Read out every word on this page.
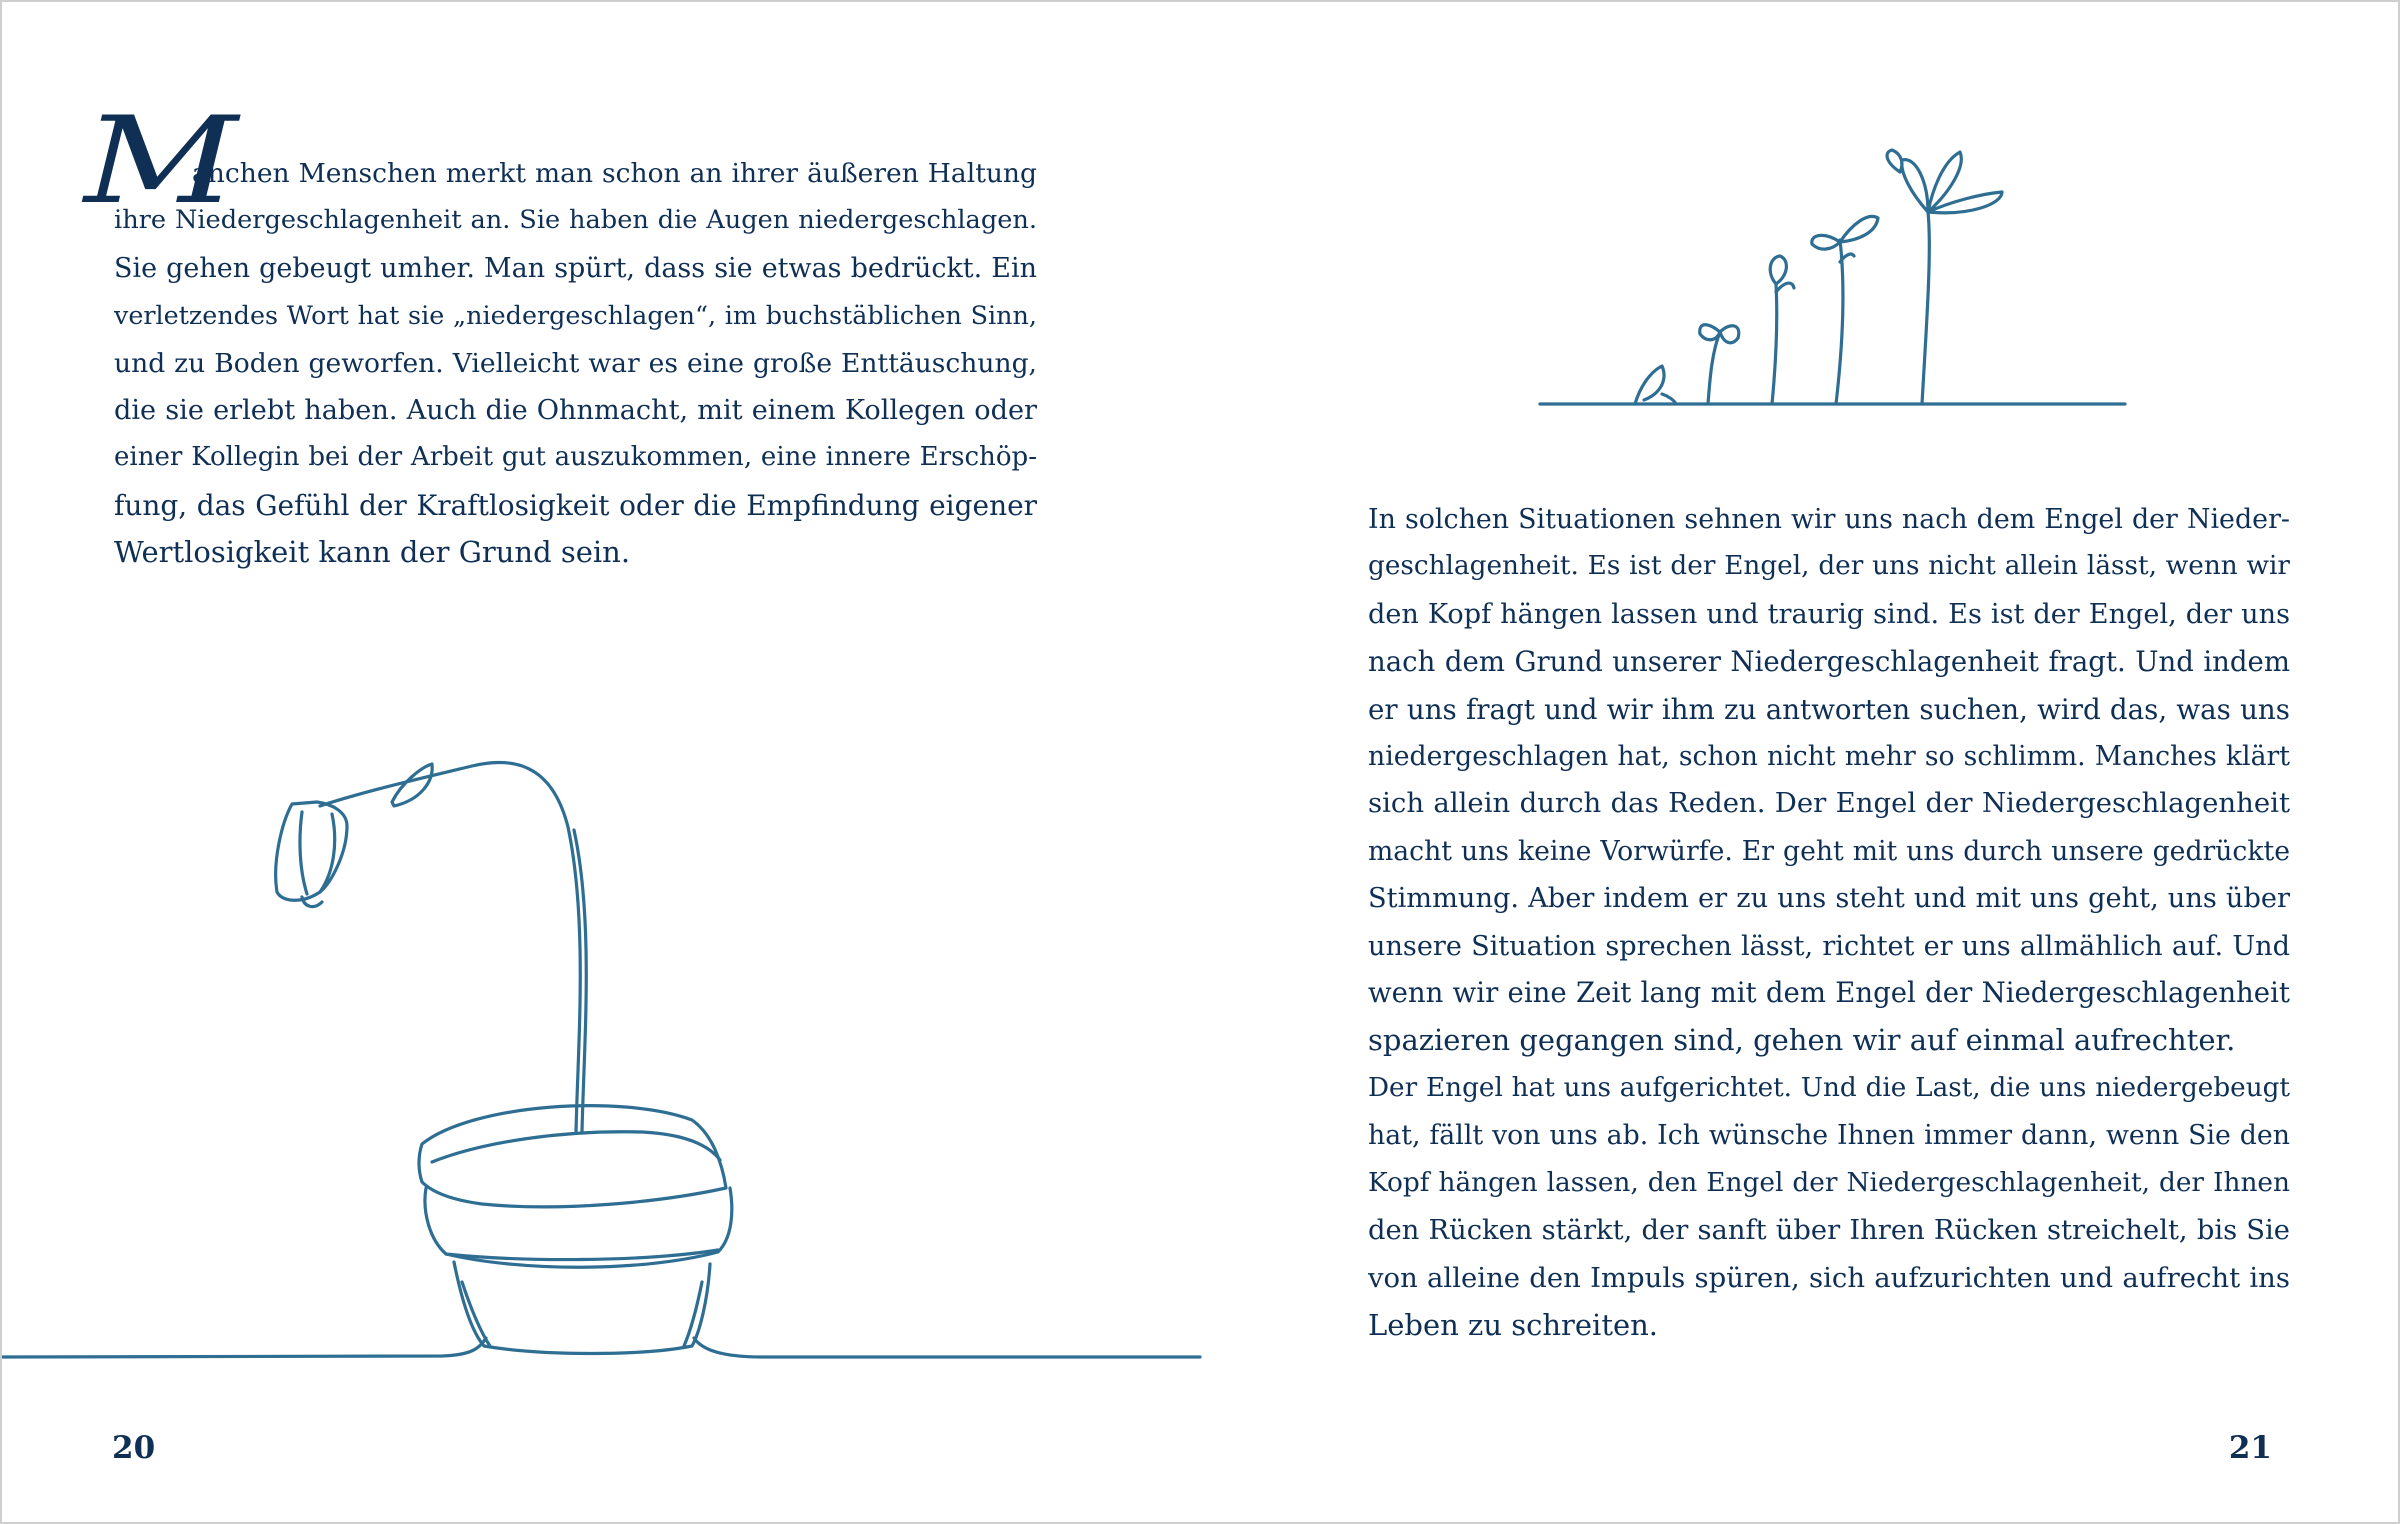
M
anchen Menschen merkt man schon an ihrer äußeren Haltung
ihre Niedergeschlagenheit an. Sie haben die Augen niedergeschlagen.
Sie gehen gebeugt umher. Man spürt, dass sie etwas bedrückt. Ein
verletzendes Wort hat sie „niedergeschlagen“, im buchstäblichen Sinn,
und zu Boden geworfen. Vielleicht war es eine große Enttäuschung,
die sie erlebt haben. Auch die Ohnmacht, mit einem Kollegen oder
einer Kollegin bei der Arbeit gut auszukommen, eine innere Erschöp-
fung, das Gefühl der Kraftlosigkeit oder die Empfindung eigener
Wertlosigkeit kann der Grund sein.
20
In solchen Situationen sehnen wir uns nach dem Engel der Nieder-
geschlagenheit. Es ist der Engel, der uns nicht allein lässt, wenn wir
den Kopf hängen lassen und traurig sind. Es ist der Engel, der uns
nach dem Grund unserer Niedergeschlagenheit fragt. Und indem
er uns fragt und wir ihm zu antworten suchen, wird das, was uns
niedergeschlagen hat, schon nicht mehr so schlimm. Manches klärt
sich allein durch das Reden. Der Engel der Niedergeschlagenheit
macht uns keine Vorwürfe. Er geht mit uns durch unsere gedrückte
Stimmung. Aber indem er zu uns steht und mit uns geht, uns über
unsere Situation sprechen lässt, richtet er uns allmählich auf. Und
wenn wir eine Zeit lang mit dem Engel der Niedergeschlagenheit
spazieren gegangen sind, gehen wir auf einmal aufrechter.
Der Engel hat uns aufgerichtet. Und die Last, die uns niedergebeugt
hat, fällt von uns ab. Ich wünsche Ihnen immer dann, wenn Sie den
Kopf hängen lassen, den Engel der Niedergeschlagenheit, der Ihnen
den Rücken stärkt, der sanft über Ihren Rücken streichelt, bis Sie
von alleine den Impuls spüren, sich aufzurichten und aufrecht ins
Leben zu schreiten.
21
